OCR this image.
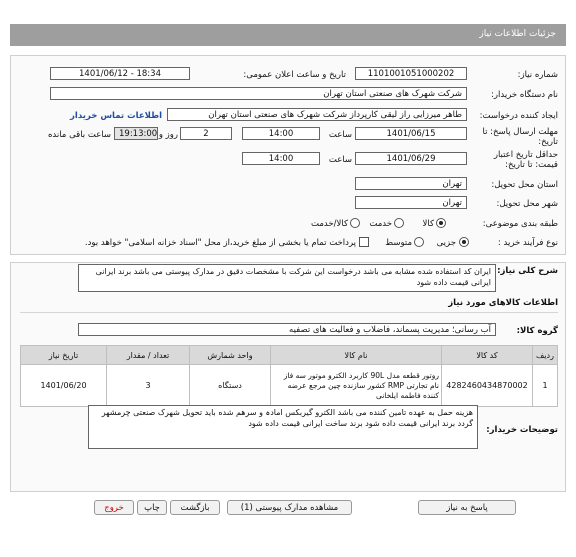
جزئیات اطلاعات نیاز
شماره نیاز:
1101001051000202
تاریخ و ساعت اعلان عمومی:
1401/06/12 - 18:34
نام دستگاه خریدار:
شرکت شهرک های صنعتی استان تهران
ایجاد کننده درخواست:
طاهر میرزایی راز لیقی کارپرداز شرکت شهرک های صنعتی استان تهران
اطلاعات تماس خریدار
مهلت ارسال پاسخ: تا
تاریخ:
1401/06/15
ساعت
14:00
2
روز و
19:13:00
ساعت باقی مانده
حداقل تاریخ اعتبار
قیمت: تا تاریخ:
1401/06/29
ساعت
14:00
استان محل تحویل:
تهران
شهر محل تحویل:
تهران
طبقه بندی موضوعی:
کالا
خدمت
کالا/خدمت
نوع فرآیند خرید :
جزیی
متوسط
پرداخت تمام یا بخشی از مبلغ خرید،از محل "اسناد خزانه اسلامی" خواهد بود.
شرح کلی نیاز:
ایران کد استفاده شده مشابه می باشد درخواست این شرکت با مشخصات دقیق در مدارک پیوستی می باشد برند ایرانی ایرانی قیمت داده شود
اطلاعات کالاهای مورد نیاز
گروه کالا:
آب رسانی؛ مدیریت پسماند، فاضلاب و فعالیت های تصفیه
ردیف	کد کالا	نام کالا	واحد شمارش	تعداد / مقدار	تاریخ نیاز
1	4282460434870002	روتور قطعه مدل 90L کاربرد الکترو موتور سه فاز نام تجارتی RMP کشور سازنده چین مرجع عرضه کننده فاطمه ایلخانی	دستگاه	3	1401/06/20
توضیحات خریدار:
هزینه حمل به عهده تامین کننده می باشد الکترو گیربکس امادہ و سرهم شده باید تحویل شهرک صنعتی چرمشهر گردد برند ایرانی قیمت داده شود برند ساخت ایرانی قیمت داده شود
پاسخ به نیاز
مشاهده مدارک پیوستی (1)
بازگشت
چاپ
خروج
